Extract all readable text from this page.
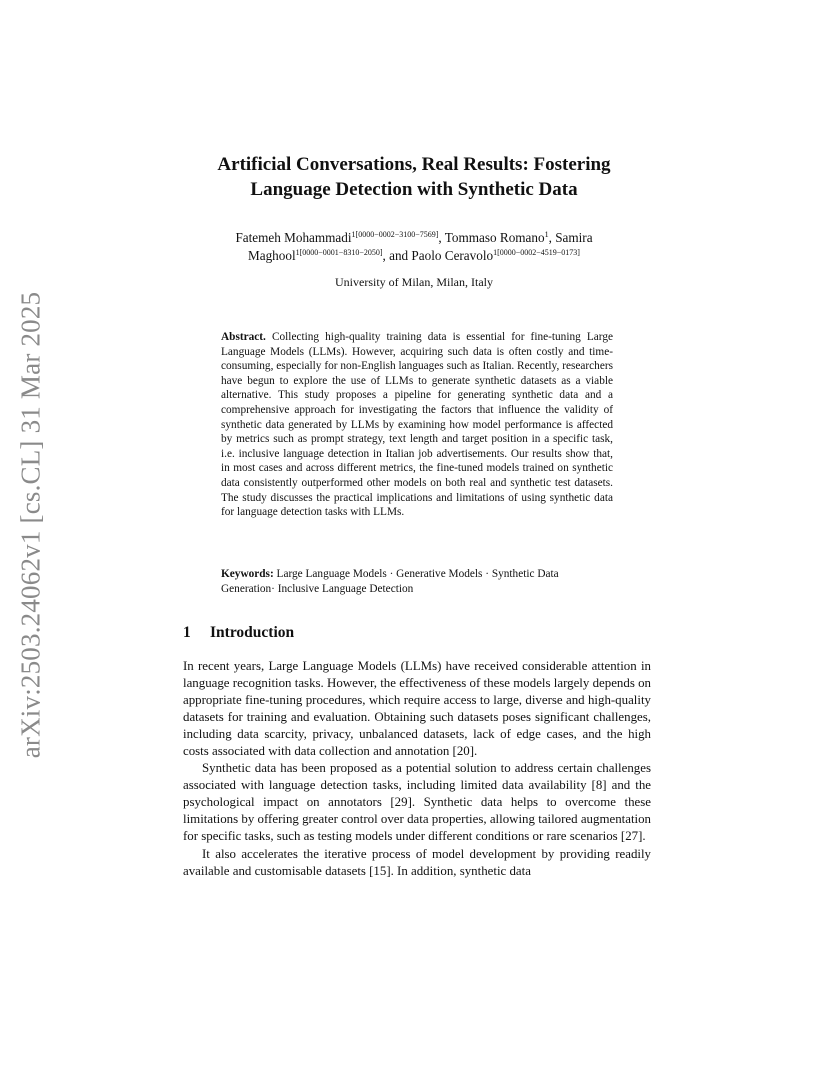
arXiv:2503.24062v1 [cs.CL] 31 Mar 2025
Artificial Conversations, Real Results: Fostering
Language Detection with Synthetic Data
Fatemeh Mohammadi$^{1[0000-0002-3100-7569]}$, Tommaso Romano$^1$, Samira
Maghool$^{1[0000-0001-8310-2050]}$, and Paolo Ceravolo$^{1[0000-0002-4519-0173]}$
University of Milan, Milan, Italy
Abstract. Collecting high-quality training data is essential for fine-tuning Large Language Models (LLMs). However, acquiring such data is often costly and time-consuming, especially for non-English languages such as Italian. Recently, researchers have begun to explore the use of LLMs to generate synthetic datasets as a viable alternative. This study proposes a pipeline for generating synthetic data and a comprehensive approach for investigating the factors that influence the validity of synthetic data generated by LLMs by examining how model performance is affected by metrics such as prompt strategy, text length and target position in a specific task, i.e. inclusive language detection in Italian job advertisements. Our results show that, in most cases and across different metrics, the fine-tuned models trained on synthetic data consistently outperformed other models on both real and synthetic test datasets. The study discusses the practical implications and limitations of using synthetic data for language detection tasks with LLMs.
Keywords: Large Language Models · Generative Models · Synthetic Data Generation· Inclusive Language Detection
1 Introduction

In recent years, Large Language Models (LLMs) have received considerable attention in language recognition tasks. However, the effectiveness of these models largely depends on appropriate fine-tuning procedures, which require access to large, diverse and high-quality datasets for training and evaluation. Obtaining such datasets poses significant challenges, including data scarcity, privacy, unbalanced datasets, lack of edge cases, and the high costs associated with data collection and annotation [20].

Synthetic data has been proposed as a potential solution to address certain challenges associated with language detection tasks, including limited data availability [8] and the psychological impact on annotators [29]. Synthetic data helps to overcome these limitations by offering greater control over data properties, allowing tailored augmentation for specific tasks, such as testing models under different conditions or rare scenarios [27].

It also accelerates the iterative process of model development by providing readily available and customisable datasets [15]. In addition, synthetic data
